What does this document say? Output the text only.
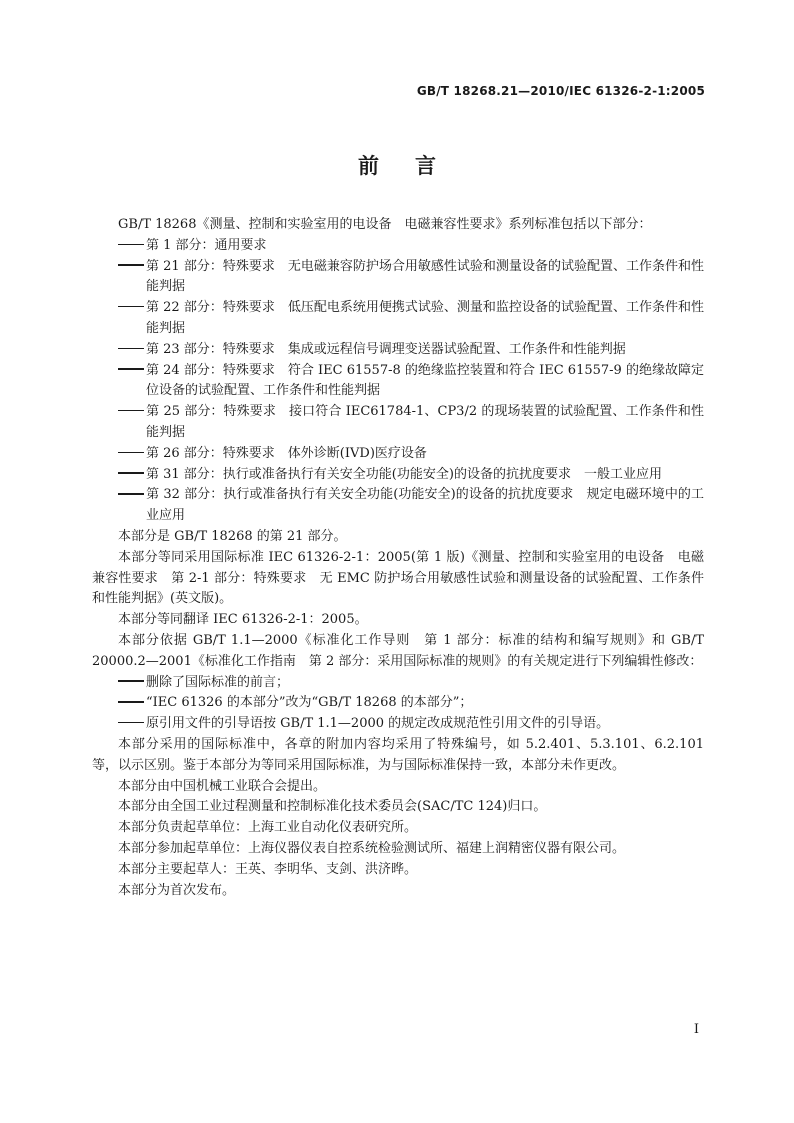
GB/T 18268.21—2010/IEC 61326-2-1:2005
前言

GB/T 18268《测量、控制和实验室用的电设备　电磁兼容性要求》系列标准包括以下部分：

第 1 部分：通用要求

第 21 部分：特殊要求　无电磁兼容防护场合用敏感性试验和测量设备的试验配置、工作条件和性能判据

第 22 部分：特殊要求　低压配电系统用便携式试验、测量和监控设备的试验配置、工作条件和性能判据

第 23 部分：特殊要求　集成或远程信号调理变送器试验配置、工作条件和性能判据

第 24 部分：特殊要求　符合 IEC 61557-8 的绝缘监控装置和符合 IEC 61557-9 的绝缘故障定位设备的试验配置、工作条件和性能判据

第 25 部分：特殊要求　接口符合 IEC61784-1、CP3/2 的现场装置的试验配置、工作条件和性能判据

第 26 部分：特殊要求　体外诊断(IVD)医疗设备

第 31 部分：执行或准备执行有关安全功能(功能安全)的设备的抗扰度要求　一般工业应用

第 32 部分：执行或准备执行有关安全功能(功能安全)的设备的抗扰度要求　规定电磁环境中的工业应用

本部分是 GB/T 18268 的第 21 部分。

本部分等同采用国际标准 IEC 61326-2-1：2005(第 1 版)《测量、控制和实验室用的电设备　电磁兼容性要求　第 2-1 部分：特殊要求　无 EMC 防护场合用敏感性试验和测量设备的试验配置、工作条件和性能判据》(英文版)。

本部分等同翻译 IEC 61326-2-1：2005。

本部分依据 GB/T 1.1—2000《标准化工作导则　第 1 部分：标准的结构和编写规则》和 GB/T 20000.2—2001《标准化工作指南　第 2 部分：采用国际标准的规则》的有关规定进行下列编辑性修改：

删除了国际标准的前言；

“IEC 61326 的本部分”改为“GB/T 18268 的本部分”；

原引用文件的引导语按 GB/T 1.1—2000 的规定改成规范性引用文件的引导语。

本部分采用的国际标准中，各章的附加内容均采用了特殊编号，如 5.2.401、5.3.101、6.2.101 等，以示区别。鉴于本部分为等同采用国际标准，为与国际标准保持一致，本部分未作更改。

本部分由中国机械工业联合会提出。

本部分由全国工业过程测量和控制标准化技术委员会(SAC/TC 124)归口。

本部分负责起草单位：上海工业自动化仪表研究所。

本部分参加起草单位：上海仪器仪表自控系统检验测试所、福建上润精密仪器有限公司。

本部分主要起草人：王英、李明华、支剑、洪济晔。

本部分为首次发布。

I
